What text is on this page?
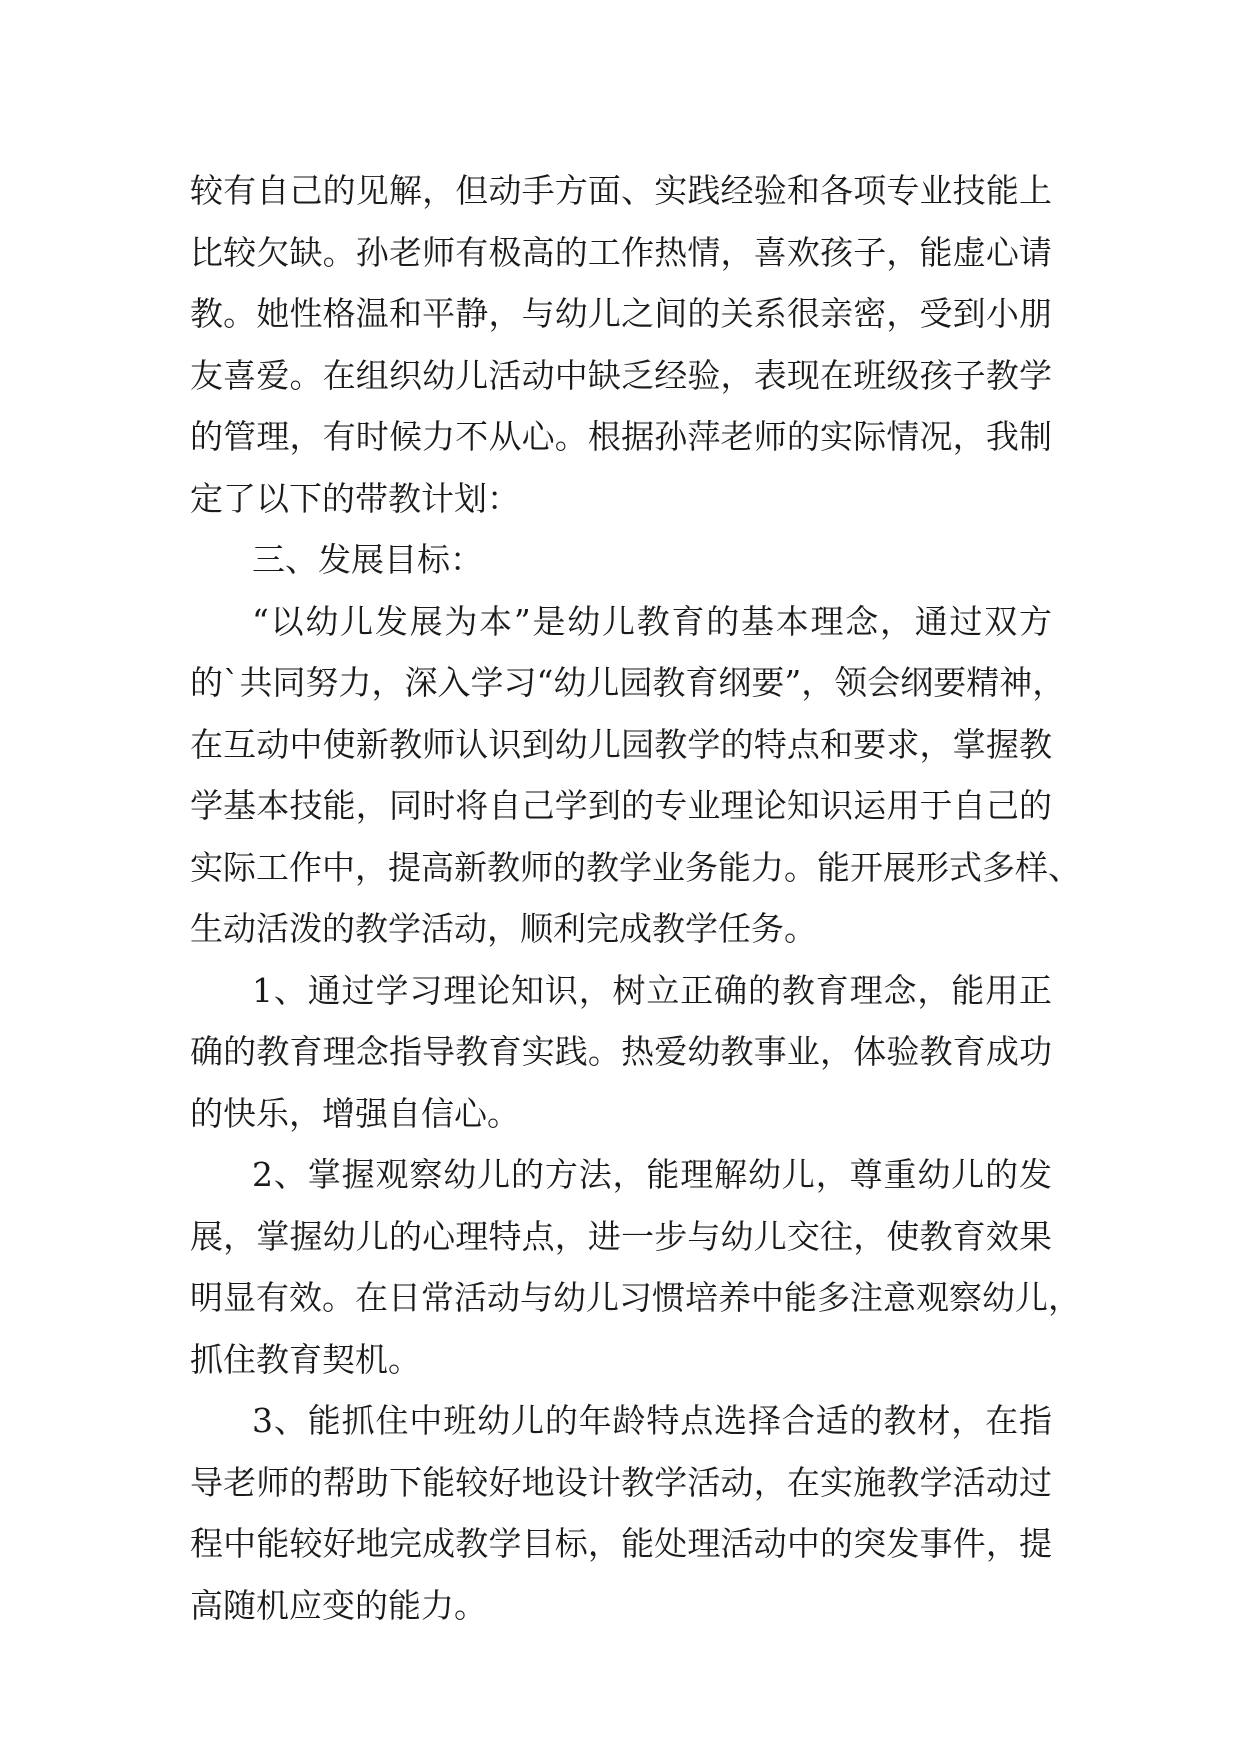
较有自己的见解，但动手方面、实践经验和各项专业技能上
比较欠缺。孙老师有极高的工作热情，喜欢孩子，能虚心请
教。她性格温和平静，与幼儿之间的关系很亲密，受到小朋
友喜爱。在组织幼儿活动中缺乏经验，表现在班级孩子教学
的管理，有时候力不从心。根据孙萍老师的实际情况，我制
定了以下的带教计划：
三、发展目标：
“以幼儿发展为本”是幼儿教育的基本理念，通过双方
的`共同努力，深入学习“幼儿园教育纲要”，领会纲要精神，
在互动中使新教师认识到幼儿园教学的特点和要求，掌握教
学基本技能，同时将自己学到的专业理论知识运用于自己的
实际工作中，提高新教师的教学业务能力。能开展形式多样、
生动活泼的教学活动，顺利完成教学任务。
1、通过学习理论知识，树立正确的教育理念，能用正
确的教育理念指导教育实践。热爱幼教事业，体验教育成功
的快乐，增强自信心。
2、掌握观察幼儿的方法，能理解幼儿，尊重幼儿的发
展，掌握幼儿的心理特点，进一步与幼儿交往，使教育效果
明显有效。在日常活动与幼儿习惯培养中能多注意观察幼儿，
抓住教育契机。
3、能抓住中班幼儿的年龄特点选择合适的教材，在指
导老师的帮助下能较好地设计教学活动，在实施教学活动过
程中能较好地完成教学目标，能处理活动中的突发事件，提
高随机应变的能力。
